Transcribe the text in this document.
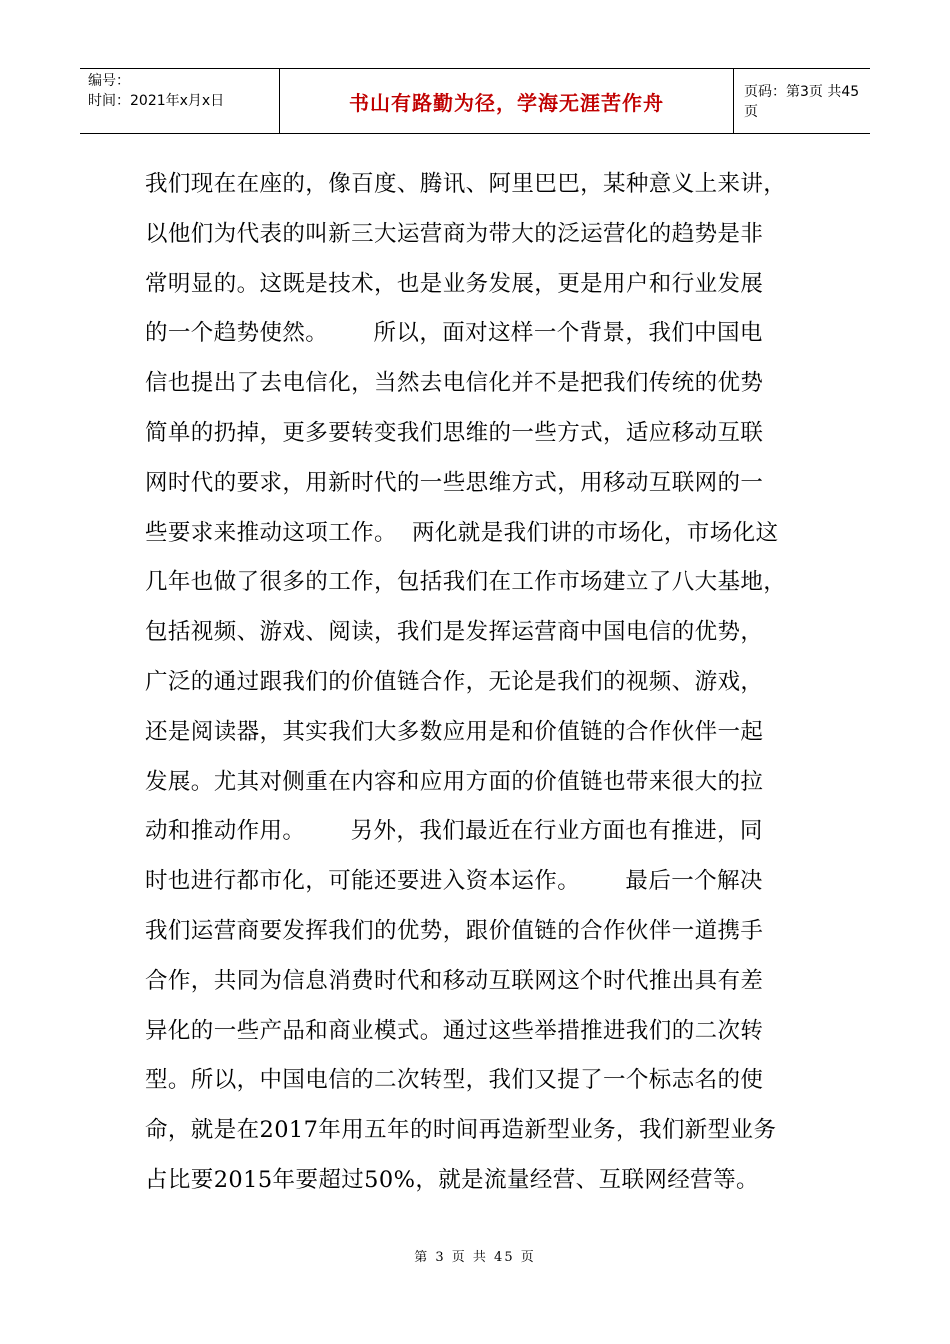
编号：
时间：2021年x月x日	书山有路勤为径，学海无涯苦作舟	页码：第3页 共45页
我们现在在座的，像百度、腾讯、阿里巴巴，某种意义上来讲，
以他们为代表的叫新三大运营商为带大的泛运营化的趋势是非
常明显的。这既是技术，也是业务发展，更是用户和行业发展
的一个趋势使然。      所以，面对这样一个背景，我们中国电
信也提出了去电信化，当然去电信化并不是把我们传统的优势
简单的扔掉，更多要转变我们思维的一些方式，适应移动互联
网时代的要求，用新时代的一些思维方式，用移动互联网的一
些要求来推动这项工作。  两化就是我们讲的市场化，市场化这
几年也做了很多的工作，包括我们在工作市场建立了八大基地，
包括视频、游戏、阅读，我们是发挥运营商中国电信的优势，
广泛的通过跟我们的价值链合作，无论是我们的视频、游戏，
还是阅读器，其实我们大多数应用是和价值链的合作伙伴一起
发展。尤其对侧重在内容和应用方面的价值链也带来很大的拉
动和推动作用。      另外，我们最近在行业方面也有推进，同
时也进行都市化，可能还要进入资本运作。      最后一个解决
我们运营商要发挥我们的优势，跟价值链的合作伙伴一道携手
合作，共同为信息消费时代和移动互联网这个时代推出具有差
异化的一些产品和商业模式。通过这些举措推进我们的二次转
型。所以，中国电信的二次转型，我们又提了一个标志名的使
命，就是在2017年用五年的时间再造新型业务，我们新型业务
占比要2015年要超过50%，就是流量经营、互联网经营等。
第 3 页 共 45 页
